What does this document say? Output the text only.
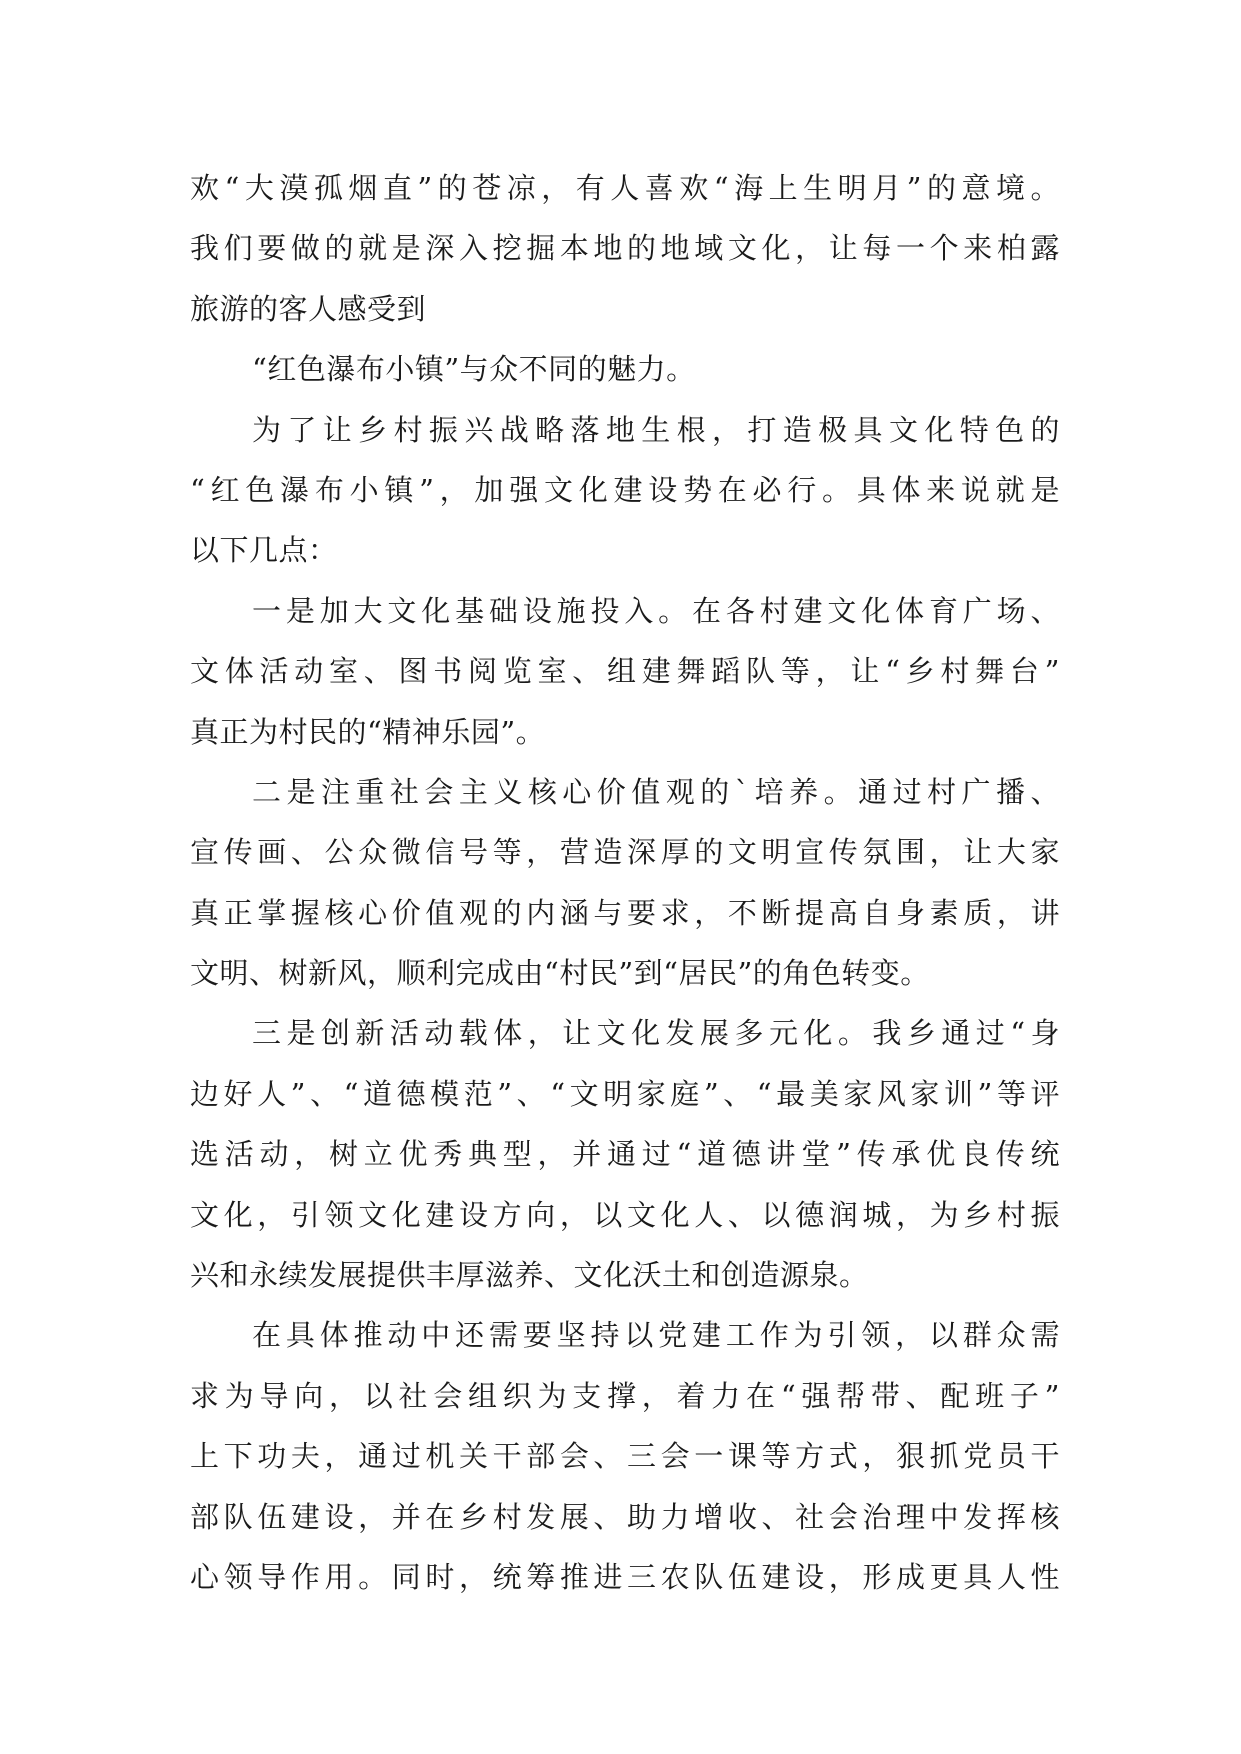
欢“大漠孤烟直”的苍凉，有人喜欢“海上生明月”的意境。
我们要做的就是深入挖掘本地的地域文化，让每一个来柏露
旅游的客人感受到
“红色瀑布小镇”与众不同的魅力。
为了让乡村振兴战略落地生根，打造极具文化特色的
“红色瀑布小镇”，加强文化建设势在必行。具体来说就是
以下几点：
一是加大文化基础设施投入。在各村建文化体育广场、
文体活动室、图书阅览室、组建舞蹈队等，让“乡村舞台”
真正为村民的“精神乐园”。
二是注重社会主义核心价值观的`培养。通过村广播、
宣传画、公众微信号等，营造深厚的文明宣传氛围，让大家
真正掌握核心价值观的内涵与要求，不断提高自身素质，讲
文明、树新风，顺利完成由“村民”到“居民”的角色转变。
三是创新活动载体，让文化发展多元化。我乡通过“身
边好人”、“道德模范”、“文明家庭”、“最美家风家训”等评
选活动，树立优秀典型，并通过“道德讲堂”传承优良传统
文化，引领文化建设方向，以文化人、以德润城，为乡村振
兴和永续发展提供丰厚滋养、文化沃土和创造源泉。
在具体推动中还需要坚持以党建工作为引领，以群众需
求为导向，以社会组织为支撑，着力在“强帮带、配班子”
上下功夫，通过机关干部会、三会一课等方式，狠抓党员干
部队伍建设，并在乡村发展、助力增收、社会治理中发挥核
心领导作用。同时，统筹推进三农队伍建设，形成更具人性
